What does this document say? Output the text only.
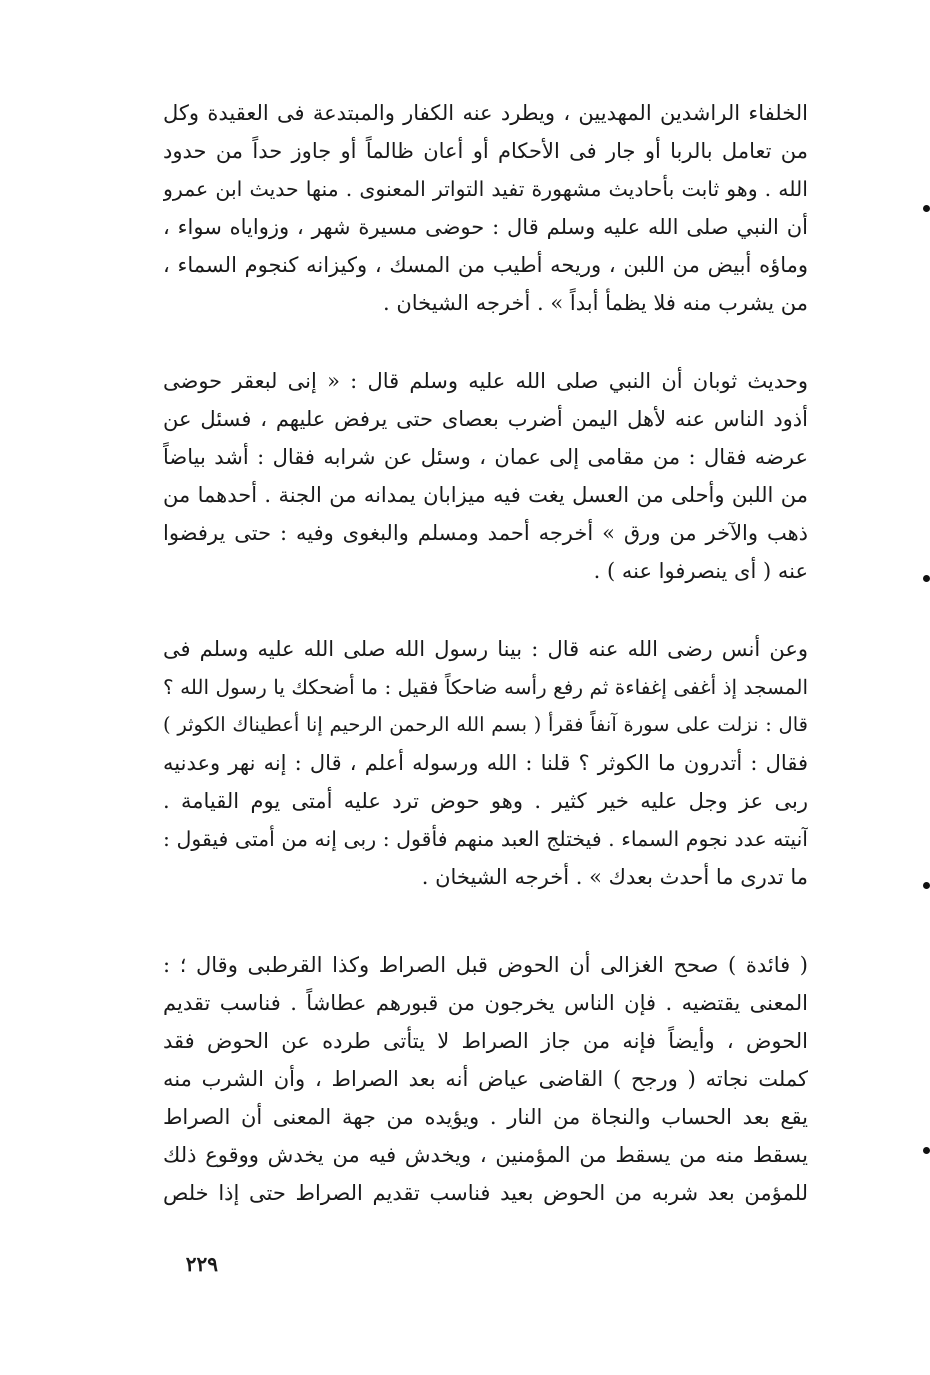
الخلفاء الراشدين المهديين ، ويطرد عنه الكفار والمبتدعة فى العقيدة وكل
من تعامل بالربا أو جار فى الأحكام أو أعان ظالماً أو جاوز حداً من حدود
الله . وهو ثابت بأحاديث مشهورة تفيد التواتر المعنوى . منها حديث ابن عمرو
أن النبي صلى الله عليه وسلم قال : حوضى مسيرة شهر ، وزواياه سواء ،
وماؤه أبيض من اللبن ، وريحه أطيب من المسك ، وكيزانه كنجوم السماء ،
من يشرب منه فلا يظمأ أبداً » . أخرجه الشيخان .
وحديث ثوبان أن النبي صلى الله عليه وسلم قال : « إنى لبعقر حوضى
أذود الناس عنه لأهل اليمن أضرب بعصاى حتى يرفض عليهم ، فسئل عن
عرضه فقال : من مقامى إلى عمان ، وسئل عن شرابه فقال : أشد بياضاً
من اللبن وأحلى من العسل يغت فيه ميزابان يمدانه من الجنة . أحدهما من
ذهب والآخر من ورق » أخرجه أحمد ومسلم والبغوى وفيه : حتى يرفضوا
عنه ( أى ينصرفوا عنه ) .
وعن أنس رضى الله عنه قال : بينا رسول الله صلى الله عليه وسلم فى
المسجد إذ أغفى إغفاءة ثم رفع رأسه ضاحكاً فقيل : ما أضحكك يا رسول الله ؟
قال : نزلت على سورة آنفاً فقرأ ( بسم الله الرحمن الرحيم إنا أعطيناك الكوثر )
فقال : أتدرون ما الكوثر ؟ قلنا : الله ورسوله أعلم ، قال : إنه نهر وعدنيه
ربى عز وجل عليه خير كثير . وهو حوض ترد عليه أمتى يوم القيامة .
آنيته عدد نجوم السماء . فيختلج العبد منهم فأقول : ربى إنه من أمتى فيقول :
ما تدرى ما أحدث بعدك » . أخرجه الشيخان .
( فائدة ) صحح الغزالى أن الحوض قبل الصراط وكذا القرطبى وقال ؛ :
المعنى يقتضيه . فإن الناس يخرجون من قبورهم عطاشاً . فناسب تقديم
الحوض ، وأيضاً فإنه من جاز الصراط لا يتأتى طرده عن الحوض فقد
كملت نجاته ( ورجح ) القاضى عياض أنه بعد الصراط ، وأن الشرب منه
يقع بعد الحساب والنجاة من النار . ويؤيده من جهة المعنى أن الصراط
يسقط منه من يسقط من المؤمنين ، ويخدش فيه من يخدش ووقوع ذلك
للمؤمن بعد شربه من الحوض بعيد فناسب تقديم الصراط حتى إذا خلص
٢٢٩
